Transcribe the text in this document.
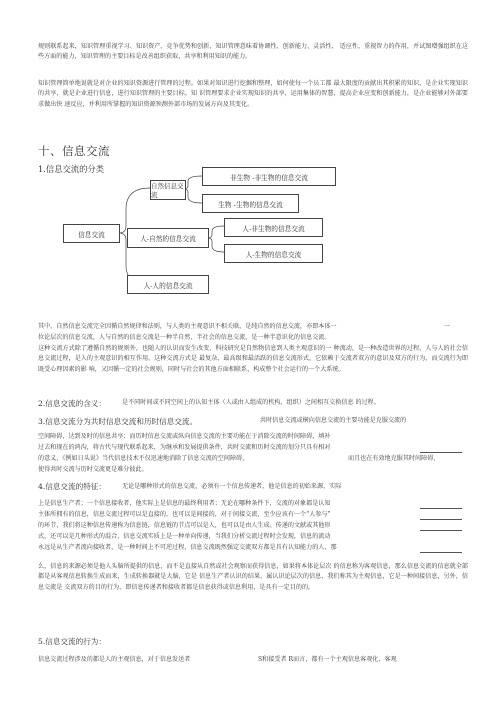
规则联系起来，知识管理重视学习、知识资产、竞争优势和创新，知识管理意味着协调性、创新能力、灵活性、 适应性、重视智力的作用，并试图增强组织在这些方面的能力，知识管理的主要目标是改善组织获取、共享和利用知识的能力。
知识管理简单地说就是对企业的知识资源进行管理的过程。如果对知识进行挖掘和整理，如何使每一个员工都 最大限度的贡献出其积累的知识，是企业实现知识的共享，就是企业进行信息，进行知识管理的主要目标。知 识管理要求企业实现知识的共享，运用集体的智慧，提高企业应变和创新能力，是企业能够对外部要求做出快 速反应，并利用所掌握的知识资源预测外部市场的发展方向及其变化。
十、信息交流
1.信息交流的分类
信息交流
自然信息交流
非生物 -非生物的信息交流
生物 -生物的信息交流
人-自然的信息交流
人-非生物的信息交流
人-生物的信息交流
人-人的信息交流
其中，自然信息交流完全因循自然规律和法则，与人类的主观意识不相关联，是纯自然的信息交流，亦即本体一	一
位论层次的信息交流，人与自然的信息交流是一种半自然、半社会的信息交流，是一种半意识化的信息交流。
这种交流方式除了遵循自然的规则外，也随人的认识而发生改变，科技研究是自然物信息到人类主观意识的一 种流动，是一种改造世界的过程，人与人的社会信息交流过程，是人的主观意识的相互作用。这种交流方式是 最复杂、最高级和最活跃的信息交流形式，它依赖于交流者双方的意识及双方的行为，而交流行为即既受心理因素的影 响，又因循一定的社会规则，同时与社会的其他方面相联系，构成整个社会运行的一个大系统。
2.信息交流的含义：	是不同时间或不同空间上的认知主体（人或由人组成的机构、组织）之间相互交换信息 的过程。
3.信息交流分为共时信息交流和历时信息交流。	共时信息交流或横向信息交流的主要功能是克服交流的
空间障碍，达到及时的信息共享；而历时信息交流或纵向信息交流的主要功能在于消除交流的时间障碍，填补
过去和现在的鸿沟，将古代与现代联系起来，为继承和发展提供条件，共时交流和历时交流的划分只具有相对
的意义，《例如日头说》当代信息技术不仅迅速地消除了信息交流的空间障碍，	而且也在有效地克服其时间障碍，
使得共时交流与历时交流更是难分彼此。
4.信息交流的特征：	无论是哪种形式的信息交流，必须有一个信息传递者，他是信息的初始来源，实际
上是信息生产者；一个信息接收者，他实际上是信息的最终利用者；无论在哪种条件下，交流的对象都是认知
主体所拥有的信息，信息交流过程可以是直接的，也可以是间接的，对于间接交流，至少应该有一个“人参与”
的环节，我们将这种信息传递称为信息链，信息链的节点可以是人，也可以是由人生成、传递的文献或其他形
式，还可以是几种形式的混合，信息交流实质上是一种单向传递，当我们分析交流过程时会发现，信息的流动
永远是从生产者流向接收者，是一种时间上不可逆过程，信息交流既然强定交流双方都是具有认知能力的人，那
么，信息的来源必须是他人头脑所提供的信息，而不是直接从自然或社会观察而获得信息，如果将本体论层次 的信息称为客观信息，那么信息交流的信息就全部都是从客观信息转换生成而来，生成转换器就是大脑，它是 信息生产者认识的结果，属认识论层次的信息，我们称其为主观信息，它是一种间接信息，另外，信息交流是 交流双方的目的行为，即信息传递者和接收者都是信息获得或信息利用，是具有一定目的的。
5.信息交流的行为：
信息交流过程涉及的都是人的主观信息，对于信息发送者	S和接受者 R而言，都有一个主观信息客观化、客观
